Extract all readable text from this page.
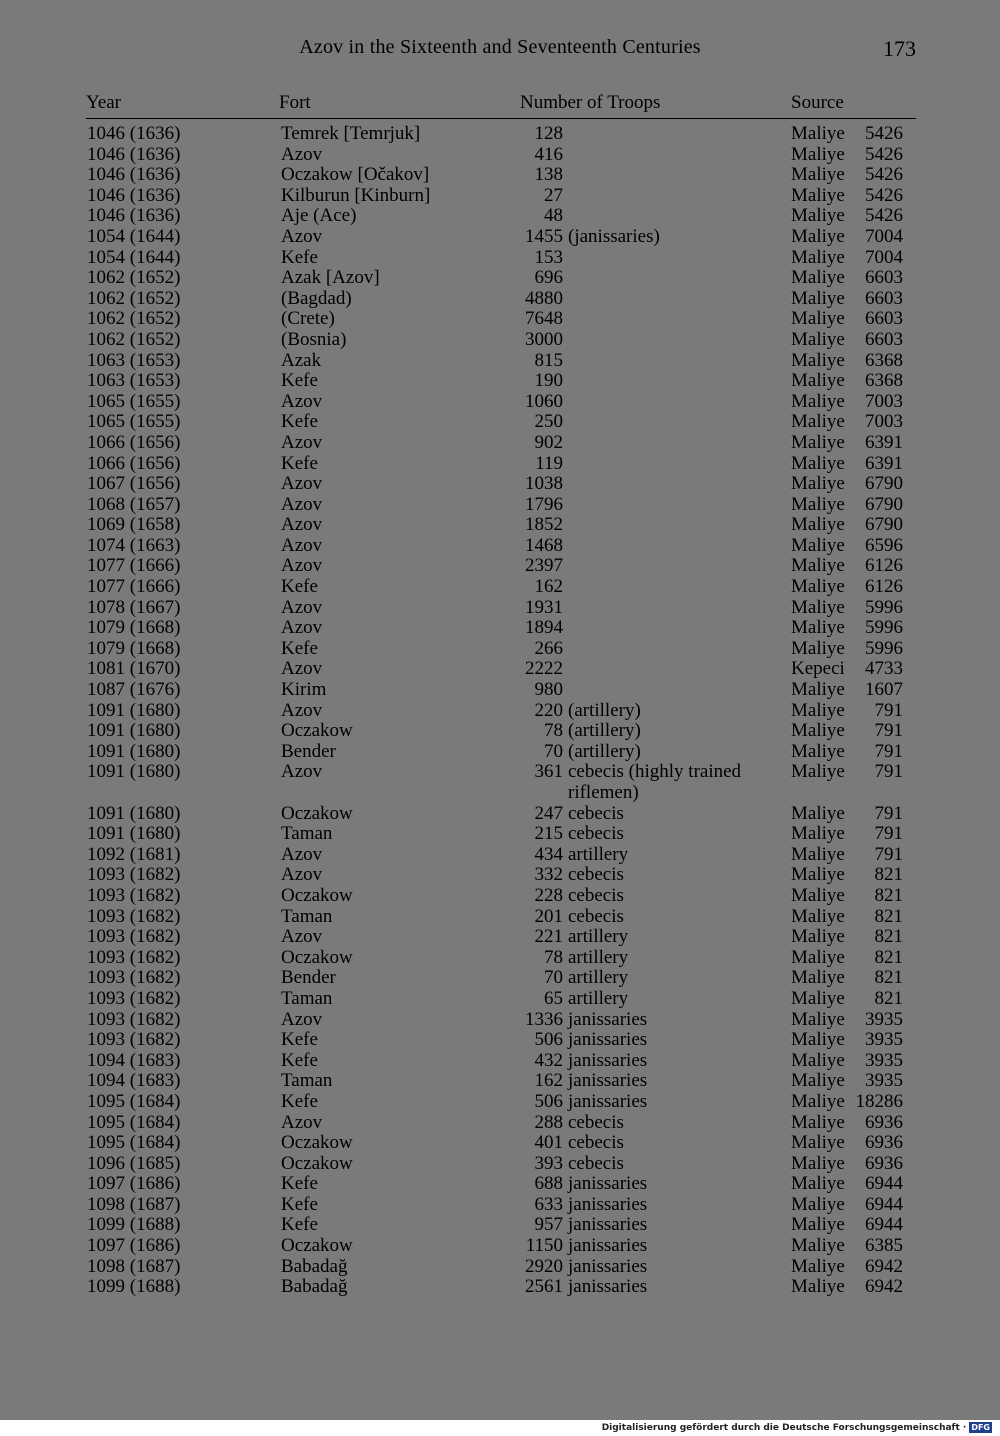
Azov in the Sixteenth and Seventeenth Centuries	173
Year	Fort	Number of Troops	Source
1046 (1636)	Temrek [Temrjuk]	128	Maliye	5426
1046 (1636)	Azov	416	Maliye	5426
1046 (1636)	Oczakow [Očakov]	138	Maliye	5426
1046 (1636)	Kilburun [Kinburn]	27	Maliye	5426
1046 (1636)	Aje (Ace)	48	Maliye	5426
1054 (1644)	Azov	1455 (janissaries)	Maliye	7004
1054 (1644)	Kefe	153	Maliye	7004
1062 (1652)	Azak [Azov]	696	Maliye	6603
1062 (1652)	(Bagdad)	4880	Maliye	6603
1062 (1652)	(Crete)	7648	Maliye	6603
1062 (1652)	(Bosnia)	3000	Maliye	6603
1063 (1653)	Azak	815	Maliye	6368
1063 (1653)	Kefe	190	Maliye	6368
1065 (1655)	Azov	1060	Maliye	7003
1065 (1655)	Kefe	250	Maliye	7003
1066 (1656)	Azov	902	Maliye	6391
1066 (1656)	Kefe	119	Maliye	6391
1067 (1656)	Azov	1038	Maliye	6790
1068 (1657)	Azov	1796	Maliye	6790
1069 (1658)	Azov	1852	Maliye	6790
1074 (1663)	Azov	1468	Maliye	6596
1077 (1666)	Azov	2397	Maliye	6126
1077 (1666)	Kefe	162	Maliye	6126
1078 (1667)	Azov	1931	Maliye	5996
1079 (1668)	Azov	1894	Maliye	5996
1079 (1668)	Kefe	266	Maliye	5996
1081 (1670)	Azov	2222	Kepeci	4733
1087 (1676)	Kirim	980	Maliye	1607
1091 (1680)	Azov	220 (artillery)	Maliye	791
1091 (1680)	Oczakow	78 (artillery)	Maliye	791
1091 (1680)	Bender	70 (artillery)	Maliye	791
1091 (1680)	Azov	361 cebecis (highly trained	Maliye	791
riflemen)
1091 (1680)	Oczakow	247 cebecis	Maliye	791
1091 (1680)	Taman	215 cebecis	Maliye	791
1092 (1681)	Azov	434 artillery	Maliye	791
1093 (1682)	Azov	332 cebecis	Maliye	821
1093 (1682)	Oczakow	228 cebecis	Maliye	821
1093 (1682)	Taman	201 cebecis	Maliye	821
1093 (1682)	Azov	221 artillery	Maliye	821
1093 (1682)	Oczakow	78 artillery	Maliye	821
1093 (1682)	Bender	70 artillery	Maliye	821
1093 (1682)	Taman	65 artillery	Maliye	821
1093 (1682)	Azov	1336 janissaries	Maliye	3935
1093 (1682)	Kefe	506 janissaries	Maliye	3935
1094 (1683)	Kefe	432 janissaries	Maliye	3935
1094 (1683)	Taman	162 janissaries	Maliye	3935
1095 (1684)	Kefe	506 janissaries	Maliye 18286
1095 (1684)	Azov	288 cebecis	Maliye	6936
1095 (1684)	Oczakow	401 cebecis	Maliye	6936
1096 (1685)	Oczakow	393 cebecis	Maliye	6936
1097 (1686)	Kefe	688 janissaries	Maliye	6944
1098 (1687)	Kefe	633 janissaries	Maliye	6944
1099 (1688)	Kefe	957 janissaries	Maliye	6944
1097 (1686)	Oczakow	1150 janissaries	Maliye	6385
1098 (1687)	Babadağ	2920 janissaries	Maliye	6942
1099 (1688)	Babadağ	2561 janissaries	Maliye	6942
Digitalisierung gefördert durch die Deutsche Forschungsgemeinschaft · DFG
